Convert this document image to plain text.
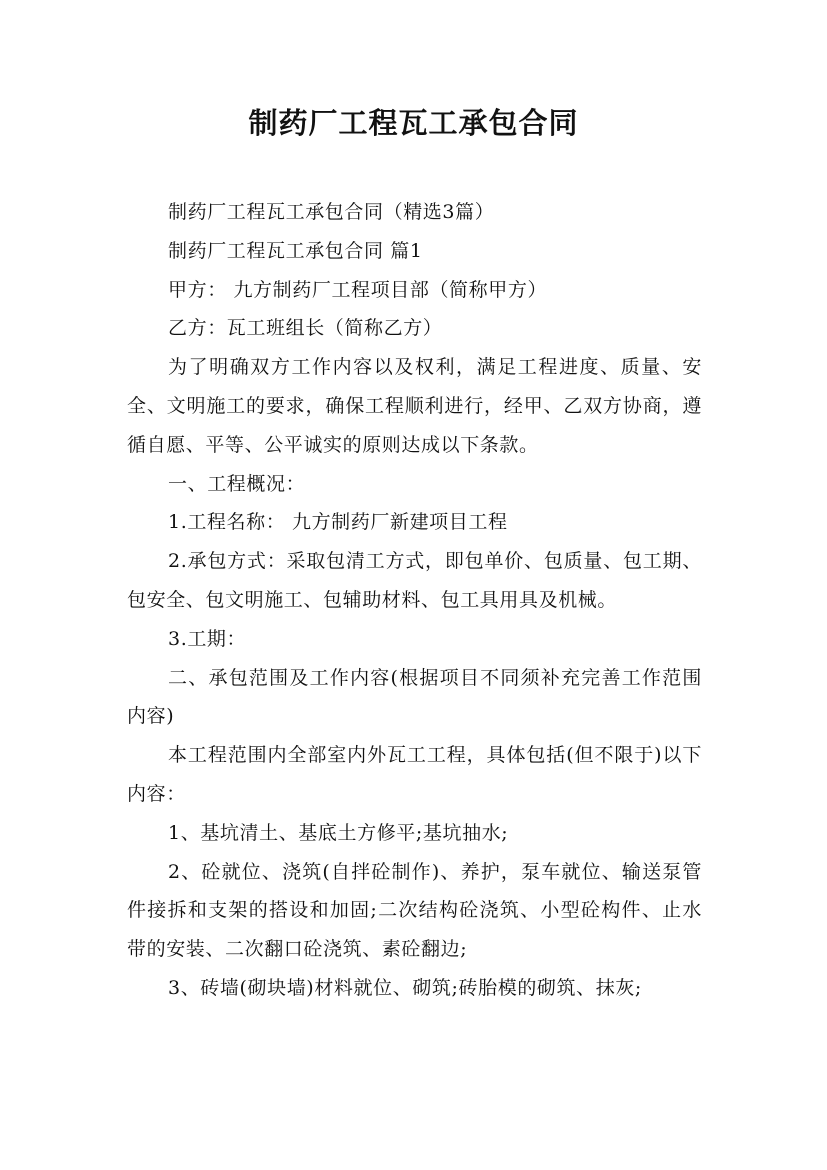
制药厂工程瓦工承包合同

制药厂工程瓦工承包合同（精选3篇）

制药厂工程瓦工承包合同 篇1

甲方： 九方制药厂工程项目部（简称甲方）

乙方：瓦工班组长（简称乙方）

为了明确双方工作内容以及权利，满足工程进度、质量、安全、文明施工的要求，确保工程顺利进行，经甲、乙双方协商，遵循自愿、平等、公平诚实的原则达成以下条款。

一、工程概况：

1.工程名称： 九方制药厂新建项目工程

2.承包方式：采取包清工方式，即包单价、包质量、包工期、包安全、包文明施工、包辅助材料、包工具用具及机械。

3.工期：

二、承包范围及工作内容(根据项目不同须补充完善工作范围内容)

本工程范围内全部室内外瓦工工程，具体包括(但不限于)以下内容：

1、基坑清土、基底土方修平;基坑抽水;

2、砼就位、浇筑(自拌砼制作)、养护，泵车就位、输送泵管件接拆和支架的搭设和加固;二次结构砼浇筑、小型砼构件、止水带的安装、二次翻口砼浇筑、素砼翻边;

3、砖墙(砌块墙)材料就位、砌筑;砖胎模的砌筑、抹灰;
